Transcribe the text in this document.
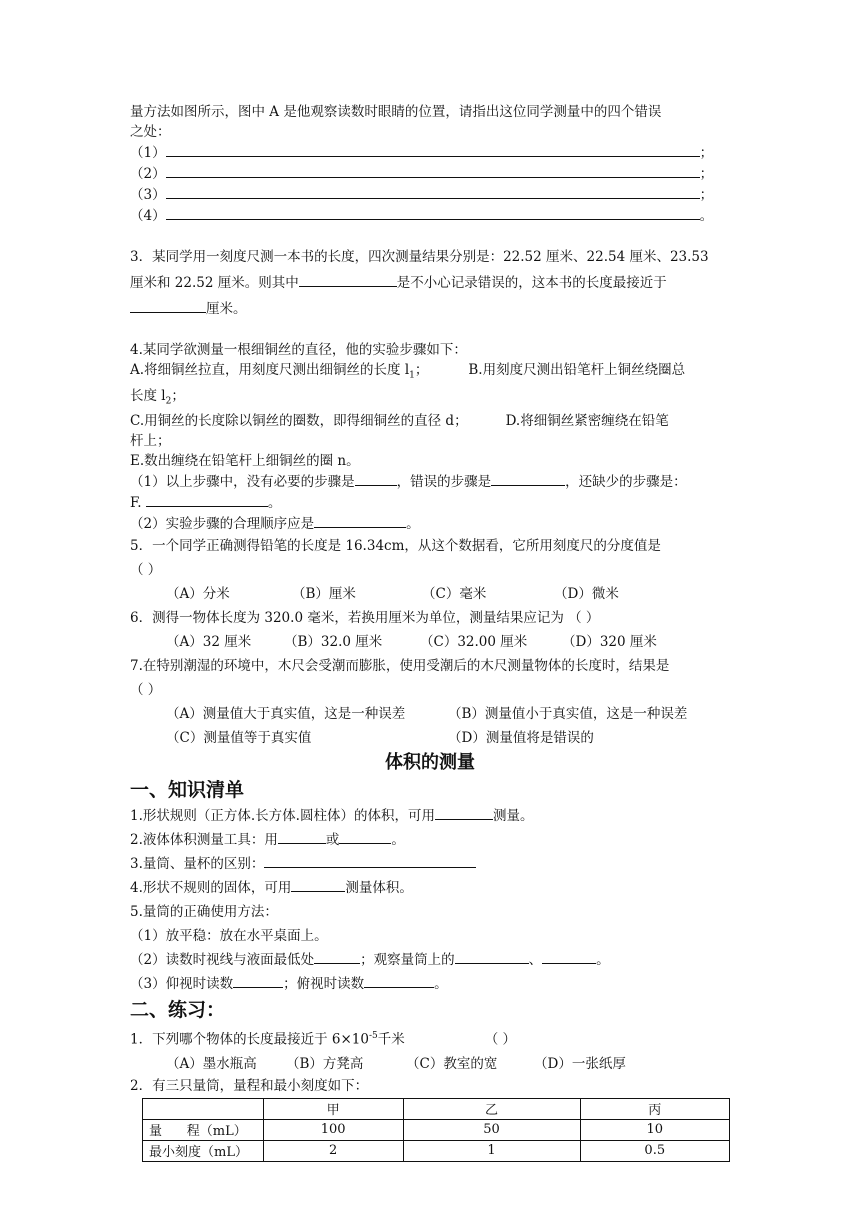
量方法如图所示，图中 A 是他观察读数时眼睛的位置，请指出这位同学测量中的四个错误
之处：
（1）	；
（2）	；
（3）	；
（4）	。
3．某同学用一刻度尺测一本书的长度，四次测量结果分别是：22.52 厘米、22.54 厘米、23.53
厘米和 22.52 厘米。则其中	是不小心记录错误的，这本书的长度最接近于
厘米。
4.某同学欲测量一根细铜丝的直径，他的实验步骤如下：
A.将细铜丝拉直，用刻度尺测出细铜丝的长度 $l_1$；	B.用刻度尺测出铅笔杆上铜丝绕圈总
长度 $l_2$；
C.用铜丝的长度除以铜丝的圈数，即得细铜丝的直径 d；	D.将细铜丝紧密缠绕在铅笔
杆上；
E.数出缠绕在铅笔杆上细铜丝的圈 n。
（1）以上步骤中，没有必要的步骤是	，错误的步骤是	，还缺少的步骤是：
F.	。
（2）实验步骤的合理顺序应是	。
5．一个同学正确测得铅笔的长度是 16.34cm，从这个数据看，它所用刻度尺的分度值是
（ ）
（A）分米	（B）厘米	（C）毫米	（D）微米
6．测得一物体长度为 320.0 毫米，若换用厘米为单位，测量结果应记为 （ ）
（A）32 厘米 （B）32.0 厘米	（C）32.00 厘米	（D）320 厘米
7.在特别潮湿的环境中，木尺会受潮而膨胀，使用受潮后的木尺测量物体的长度时，结果是
（ ）
（A）测量值大于真实值，这是一种误差	（B）测量值小于真实值，这是一种误差
（C）测量值等于真实值	（D）测量值将是错误的
体积的测量
一、知识清单
1.形状规则（正方体.长方体.圆柱体）的体积，可用	测量。
2.液体体积测量工具：用	或	。
3.量筒、量杯的区别：
4.形状不规则的固体，可用	测量体积。
5.量筒的正确使用方法：
（1）放平稳：放在水平桌面上。
（2）读数时视线与液面最低处	；观察量筒上的	、	。
（3）仰视时读数	；俯视时读数	。
二、练习：
1．下列哪个物体的长度最接近于 $6\times 10^{-5}$千米	（ ）
（A）墨水瓶高 （B）方凳高	（C）教室的宽	（D）一张纸厚
2．有三只量筒，量程和最小刻度如下：
	甲	乙	丙
量      程（mL）	100	50	10
最小刻度（mL）	2	1	0.5
